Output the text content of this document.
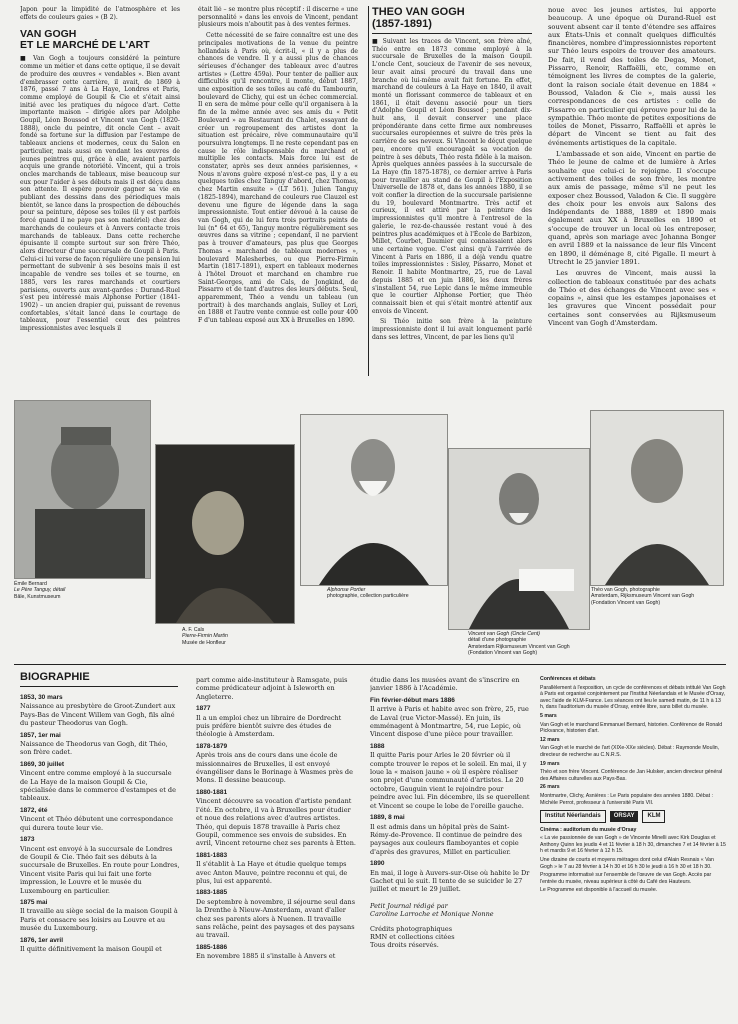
Japon pour la limpidité de l'atmosphère et les effets de couleurs gaies » (B 2).

VAN GOGH
ET LE MARCHÉ DE L'ART

■ Van Gogh a toujours considéré la peinture comme un métier et dans cette optique, il se devait de produire des œuvres « vendables ». Bien avant d'embrasser cette carrière, il avait, de 1869 à 1876, passé 7 ans à La Haye, Londres et Paris, comme employé de Goupil & Cie et s'était ainsi initié avec les pratiques du négoce d'art. Cette importante maison – dirigée alors par Adolphe Goupil, Léon Boussod et Vincent van Gogh (1820-1888), oncle du peintre, dit oncle Cent – avait fondé sa fortune sur la diffusion par l'estampe de tableaux anciens et modernes, ceux du Salon en particulier, mais aussi en vendant les œuvres de jeunes peintres qui, grâce à elle, avaient parfois acquis une grande notoriété. Vincent, qui a trois oncles marchands de tableaux, mise beaucoup sur eux pour l'aider à ses débuts mais il est déçu dans son attente. Il espère pouvoir gagner sa vie en publiant des dessins dans des périodiques mais bientôt, se lance dans la prospection de débouchés pour sa peinture, dépose ses toiles (il y est parfois forcé quand il ne paye pas son matériel) chez des marchands de couleurs et à Anvers contacte trois marchands de tableaux. Dans cette recherche épuisante il compte surtout sur son frère Théo, alors directeur d'une succursale de Goupil à Paris. Celui-ci lui verse de façon régulière une pension lui permettant de subvenir à ses besoins mais il est incapable de vendre ses toiles et se tourne, en 1885, vers les rares marchands et courtiers parisiens, ouverts aux avant-gardes : Durand-Ruel s'est peu intéressé mais Alphonse Portier (1841-1902) – un ancien drapier qui, puissant de revenus confortables, s'était lancé dans le courtage de tableaux, pour l'essentiel ceux des peintres impressionnistes avec lesquels il

était lié – se montre plus réceptif : il discerne « une personnalité » dans les envois de Vincent, pendant plusieurs mois n'aboutit pas à des ventes fermes.

Cette nécessité de se faire connaître est une des principales motivations de la venue du peintre hollandais à Paris où, écrit-il, « il y a plus de chances de vendre. Il y a aussi plus de chances sérieuses d'échanger des tableaux avec d'autres artistes » (Lettre 459a). Pour tenter de pallier aux difficultés qu'il rencontre, il monte, début 1887, une exposition de ses toiles au café du Tambourin, boulevard de Clichy, qui est un échec commercial. Il en sera de même pour celle qu'il organisera à la fin de la même année avec ses amis du « Petit Boulevard » au Restaurant du Chalet, essayant de créer un regroupement des artistes dont la situation est précaire, rêve communautaire qu'il poursuivra longtemps. Il ne reste cependant pas en cause le rôle indispensable du marchand et multiplie les contacts. Mais force lui est de constater, après ses deux années parisiennes, « Nous n'avons guère exposé n'est-ce pas, il y a eu quelques toiles chez Tanguy d'abord, chez Thomas, chez Martin ensuite » (LT 561). Julien Tanguy (1825-1894), marchand de couleurs rue Clauzel est devenu une figure de légende dans la saga impressionniste. Tout entier dévoué à la cause de van Gogh, qui de lui fera trois portraits peints de lui (n° 64 et 65), Tanguy montre régulièrement ses œuvres dans sa vitrine ; cependant, il ne parvient pas à trouver d'amateurs, pas plus que Georges Thomas « marchand de tableaux modernes », boulevard Malesherbes, ou que Pierre-Firmin Martin (1817-1891), expert en tableaux modernes à l'hôtel Drouot et marchand en chambre rue Saint-Georges, ami de Cals, de Jongkind, de Pissarro et de tant d'autres des leurs débuts. Seul, apparemment, Théo a vendu un tableau (un portrait) à des marchands anglais, Sulley et Lori, en 1888 et l'autre vente connue est celle pour 400 F d'un tableau exposé aux XX à Bruxelles en 1890.

THEO VAN GOGH
(1857-1891)

■ Suivant les traces de Vincent, son frère aîné, Théo entre en 1873 comme employé à la succursale de Bruxelles de la maison Goupil. L'oncle Cent, soucieux de l'avenir de ses neveux, leur avait ainsi procuré du travail dans une branche où lui-même avait fait fortune. En effet, marchand de couleurs à La Haye en 1840, il avait monté un florissant commerce de tableaux et en 1861, il était devenu associé pour un tiers d'Adolphe Goupil et Léon Boussod ; pendant dix-huit ans, il devait conserver une place prépondérante dans cette firme aux nombreuses succursales européennes et suivre de très près la carrière de ses neveux. Si Vincent le déçut quelque peu, encore qu'il encourageât sa vocation de peintre à ses débuts, Théo resta fidèle à la maison. Après quelques années passées à la succursale de La Haye (fin 1875-1878), ce dernier arrive à Paris pour travailler au stand de Goupil à l'Exposition Universelle de 1878 et, dans les années 1880, il se voit confier la direction de la succursale parisienne du 19, boulevard Montmartre. Très actif et curieux, il est attiré par la peinture des impressionnistes qu'il montre à l'entresol de la galerie, le rez-de-chaussée restant voué à des peintres plus académiques et à l'École de Barbizon, Millet, Courbet, Daumier qui connaissaient alors une certaine vogue. C'est ainsi qu'à l'arrivée de Vincent à Paris en 1886, il a déjà vendu quatre toiles impressionnistes : Sisley, Pissarro, Monet et Renoir. Il habite Montmartre, 25, rue de Laval depuis 1885 et en juin 1886, les deux frères s'installent 54, rue Lepic dans le même immeuble que le courtier Alphonse Portier, que Théo connaissait bien et qui s'était montré attentif aux envois de Vincent.

Si Théo initie son frère à la peinture impressionniste dont il lui avait longuement parlé dans ses lettres, Vincent, de par les liens qu'il

noue avec les jeunes artistes, lui apporte beaucoup. À une époque où Durand-Ruel est souvent absent car il tente d'étendre ses affaires aux États-Unis et connaît quelques difficultés financières, nombre d'impressionnistes reportent sur Théo leurs espoirs de trouver des amateurs. De fait, il vend des toiles de Degas, Monet, Pissarro, Renoir, Raffaëlli, etc, comme en témoignent les livres de comptes de la galerie, dont la raison sociale était devenue en 1884 « Boussod, Valadon & Cie », mais aussi les correspondances de ces artistes : celle de Pissarro en particulier qui éprouve pour lui de la sympathie. Théo monte de petites expositions de toiles de Monet, Pissarro, Raffaëlli et après le départ de Vincent se tient au fait des événements artistiques de la capitale.

L'ambassade et son aide, Vincent en partie de Théo le jeune de calme et de lumière à Arles souhaite que celui-ci le rejoigne. Il s'occupe activement des toiles de son frère, les montre aux amis de passage, même s'il ne peut les exposer chez Boussod, Valadon & Cie. Il suggère des choix pour les envois aux Salons des Indépendants de 1888, 1889 et 1890 mais également aux XX à Bruxelles en 1890 et s'occupe de trouver un local où les entreposer, quand, après son mariage avec Johanna Bonger en avril 1889 et la naissance de leur fils Vincent en 1890, il déménage 8, cité Pigalle. Il meurt à Utrecht le 25 janvier 1891.

Les œuvres de Vincent, mais aussi la collection de tableaux constituée par des achats de Théo et des échanges de Vincent avec ses « copains », ainsi que les estampes japonaises et les gravures que Vincent possédait pour certaines sont conservées au Rijksmuseum Vincent van Gogh d'Amsterdam.

Émile Bernard
Le Père Tanguy, détail
Bâle, Kunstmuseum
A. F. Cals
Pierre-Firmin Martin
Musée de Honfleur
Alphonse Portier
photographie, collection particulière
Vincent van Gogh (Oncle Cent)
détail d'une photographie
Amsterdam Rijksmuseum Vincent van Gogh
(Fondation Vincent van Gogh)
Théo van Gogh, photographie
Amsterdam, Rijksmuseum Vincent van Gogh
(Fondation Vincent van Gogh)
BIOGRAPHIE
1853, 30 mars
Naissance au presbytère de Groot-Zundert aux Pays-Bas de Vincent Willem van Gogh, fils aîné du pasteur Theodorus van Gogh.
1857, 1er mai
Naissance de Theodorus van Gogh, dit Théo, son frère cadet.
1869, 30 juillet
Vincent entre comme employé à la succursale de La Haye de la maison Goupil & Cie, spécialisée dans le commerce d'estampes et de tableaux.
1872, été
Vincent et Théo débutent une correspondance qui durera toute leur vie.
1873
Vincent est envoyé à la succursale de Londres de Goupil & Cie. Théo fait ses débuts à la succursale de Bruxelles. En route pour Londres, Vincent visite Paris qui lui fait une forte impression, le Louvre et le musée du Luxembourg en particulier.
1875 mai
Il travaille au siège social de la maison Goupil à Paris et consacre ses loisirs au Louvre et au musée du Luxembourg.
1876, 1er avril
Il quitte définitivement la maison Goupil et
part comme aide-instituteur à Ramsgate, puis comme prédicateur adjoint à Isleworth en Angleterre.
1877
Il a un emploi chez un libraire de Dordrecht puis préfère bientôt suivre des études de théologie à Amsterdam.
1878-1879
Après trois ans de cours dans une école de missionnaires de Bruxelles, il est envoyé évangéliser dans le Borinage à Wasmes près de Mons. Il dessine beaucoup.
1880-1881
Vincent découvre sa vocation d'artiste pendant l'été. En octobre, il va à Bruxelles pour étudier et noue des relations avec d'autres artistes. Théo, qui depuis 1878 travaille à Paris chez Goupil, commence ses envois de subsides. En avril, Vincent retourne chez ses parents à Etten.
1881-1883
Il s'établit à La Haye et étudie quelque temps avec Anton Mauve, peintre reconnu et qui, de plus, lui est apparenté.
1883-1885
De septembre à novembre, il séjourne seul dans la Drenthe à Nieuw-Amsterdam, avant d'aller chez ses parents alors à Nuenen. Il travaille sans relâche, peint des paysages et des paysans au travail.
1885-1886
En novembre 1885 il s'installe à Anvers et
étudie dans les musées avant de s'inscrire en janvier 1886 à l'Académie.
Fin février-début mars 1886
Il arrive à Paris et habite avec son frère, 25, rue de Laval (rue Victor-Massé). En juin, ils emménagent à Montmartre, 54, rue Lepic, où Vincent dispose d'une pièce pour travailler.
1888
Il quitte Paris pour Arles le 20 février où il compte trouver le repos et le soleil. En mai, il y loue la « maison jaune » où il espère réaliser son projet d'une communauté d'artistes. Le 20 octobre, Gauguin vient le rejoindre pour peindre avec lui. Fin décembre, ils se querellent et Vincent se coupe le lobe de l'oreille gauche.
1889, 8 mai
Il est admis dans un hôpital près de Saint-Rémy-de-Provence. Il continue de peindre des paysages aux couleurs flamboyantes et copie d'après des gravures, Millet en particulier.
1890
En mai, il loge à Auvers-sur-Oise où habite le Dr Gachet qui le suit. Il tente de se suicider le 27 juillet et meurt le 29 juillet.
Petit Journal rédigé par
Caroline Larroche et Monique Nonne
Crédits photographiques
RMN et collections citées
Tous droits réservés.

Conférences et débats

Parallèlement à l'exposition, un cycle de conférences et débats intitulé Van Gogh à Paris est organisé conjointement par l'Institut Néerlandais et le Musée d'Orsay, avec l'aide de KLM-France. Les séances ont lieu le samedi matin, de 11 h à 13 h, dans l'auditorium du musée d'Orsay, entrée libre, sans billet du musée.

5 mars

Van Gogh et le marchand Emmanuel Bernard, historien. Conférence de Ronald Pickvance, historien d'art.

12 mars

Van Gogh et le marché de l'art (XIXe-XXe siècles). Débat : Raymonde Moulin, directeur de recherche au C.N.R.S.

19 mars

Théo et son frère Vincent. Conférence de Jan Hulsker, ancien directeur général des Affaires culturelles aux Pays-Bas.

26 mars

Montmartre, Clichy, Asnières : Le Paris populaire des années 1880. Débat : Michèle Perrot, professeur à l'université Paris VII.

Institut Néerlandais	ORSAY	KLM

Cinéma : auditorium du musée d'Orsay

« La vie passionnée de van Gogh » de Vincente Minelli avec Kirk Douglas et Anthony Quinn les jeudis 4 et 11 février à 18 h 30, dimanches 7 et 14 février à 15 h et mardis 9 et 16 février à 12 h 15.

Une dizaine de courts et moyens métrages dont celui d'Alain Resnais « Van Gogh » le 7 au 28 février à 14 h 30 et 16 h 30 le jeudi à 16 h 30 et 18 h 30.

Programme informatisé sur l'ensemble de l'œuvre de van Gogh. Accès par l'entrée du musée, niveau supérieur à côté du Café des Hauteurs.

Le Programme est disponible à l'accueil du musée.
